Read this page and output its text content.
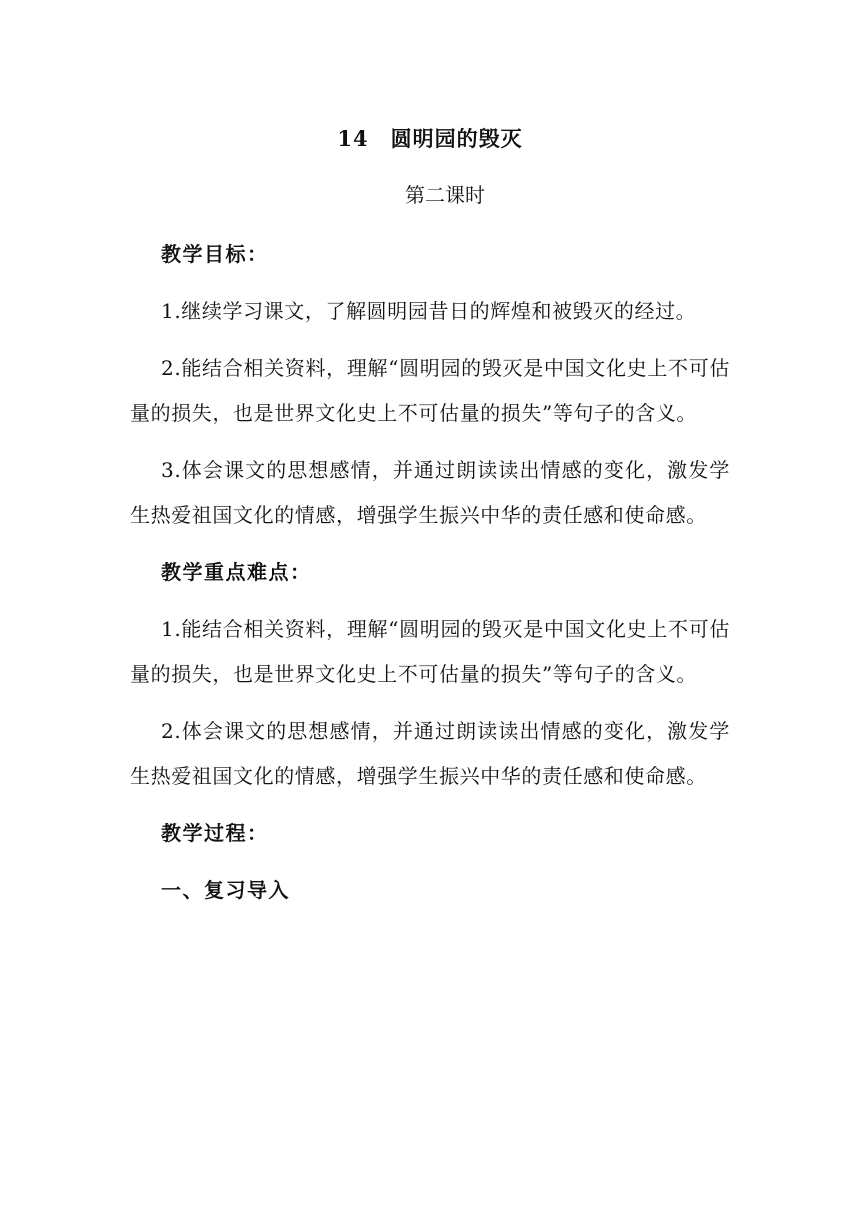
14 圆明园的毁灭
第二课时

教学目标：

1.继续学习课文，了解圆明园昔日的辉煌和被毁灭的经过。

2.能结合相关资料，理解“圆明园的毁灭是中国文化史上不可估量的损失，也是世界文化史上不可估量的损失”等句子的含义。

3.体会课文的思想感情，并通过朗读读出情感的变化，激发学生热爱祖国文化的情感，增强学生振兴中华的责任感和使命感。

教学重点难点：

1.能结合相关资料，理解“圆明园的毁灭是中国文化史上不可估量的损失，也是世界文化史上不可估量的损失”等句子的含义。

2.体会课文的思想感情，并通过朗读读出情感的变化，激发学生热爱祖国文化的情感，增强学生振兴中华的责任感和使命感。

教学过程：

一、复习导入
